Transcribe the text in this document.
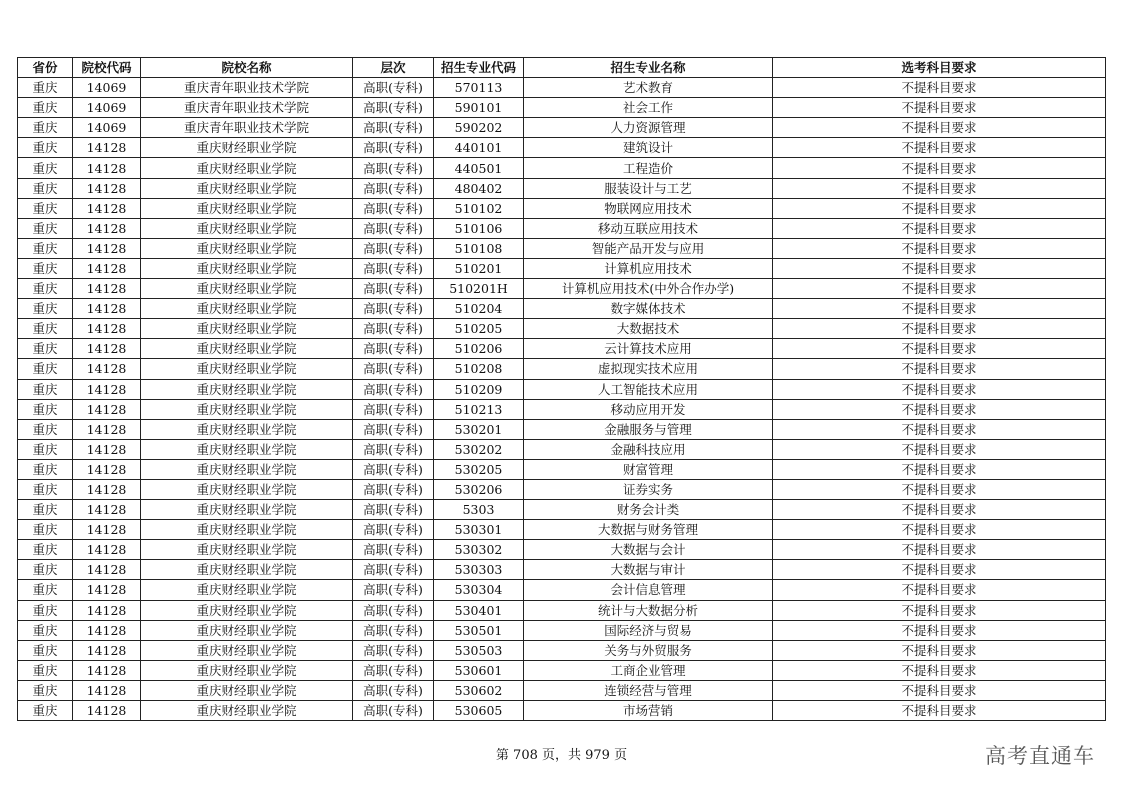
省份	院校代码	院校名称	层次	招生专业代码	招生专业名称	选考科目要求
重庆	14069	重庆青年职业技术学院	高职(专科)	570113	艺术教育	不提科目要求
重庆	14069	重庆青年职业技术学院	高职(专科)	590101	社会工作	不提科目要求
重庆	14069	重庆青年职业技术学院	高职(专科)	590202	人力资源管理	不提科目要求
重庆	14128	重庆财经职业学院	高职(专科)	440101	建筑设计	不提科目要求
重庆	14128	重庆财经职业学院	高职(专科)	440501	工程造价	不提科目要求
重庆	14128	重庆财经职业学院	高职(专科)	480402	服装设计与工艺	不提科目要求
重庆	14128	重庆财经职业学院	高职(专科)	510102	物联网应用技术	不提科目要求
重庆	14128	重庆财经职业学院	高职(专科)	510106	移动互联应用技术	不提科目要求
重庆	14128	重庆财经职业学院	高职(专科)	510108	智能产品开发与应用	不提科目要求
重庆	14128	重庆财经职业学院	高职(专科)	510201	计算机应用技术	不提科目要求
重庆	14128	重庆财经职业学院	高职(专科)	510201H	计算机应用技术(中外合作办学)	不提科目要求
重庆	14128	重庆财经职业学院	高职(专科)	510204	数字媒体技术	不提科目要求
重庆	14128	重庆财经职业学院	高职(专科)	510205	大数据技术	不提科目要求
重庆	14128	重庆财经职业学院	高职(专科)	510206	云计算技术应用	不提科目要求
重庆	14128	重庆财经职业学院	高职(专科)	510208	虚拟现实技术应用	不提科目要求
重庆	14128	重庆财经职业学院	高职(专科)	510209	人工智能技术应用	不提科目要求
重庆	14128	重庆财经职业学院	高职(专科)	510213	移动应用开发	不提科目要求
重庆	14128	重庆财经职业学院	高职(专科)	530201	金融服务与管理	不提科目要求
重庆	14128	重庆财经职业学院	高职(专科)	530202	金融科技应用	不提科目要求
重庆	14128	重庆财经职业学院	高职(专科)	530205	财富管理	不提科目要求
重庆	14128	重庆财经职业学院	高职(专科)	530206	证券实务	不提科目要求
重庆	14128	重庆财经职业学院	高职(专科)	5303	财务会计类	不提科目要求
重庆	14128	重庆财经职业学院	高职(专科)	530301	大数据与财务管理	不提科目要求
重庆	14128	重庆财经职业学院	高职(专科)	530302	大数据与会计	不提科目要求
重庆	14128	重庆财经职业学院	高职(专科)	530303	大数据与审计	不提科目要求
重庆	14128	重庆财经职业学院	高职(专科)	530304	会计信息管理	不提科目要求
重庆	14128	重庆财经职业学院	高职(专科)	530401	统计与大数据分析	不提科目要求
重庆	14128	重庆财经职业学院	高职(专科)	530501	国际经济与贸易	不提科目要求
重庆	14128	重庆财经职业学院	高职(专科)	530503	关务与外贸服务	不提科目要求
重庆	14128	重庆财经职业学院	高职(专科)	530601	工商企业管理	不提科目要求
重庆	14128	重庆财经职业学院	高职(专科)	530602	连锁经营与管理	不提科目要求
重庆	14128	重庆财经职业学院	高职(专科)	530605	市场营销	不提科目要求
第 708 页，共 979 页	高考直通车
